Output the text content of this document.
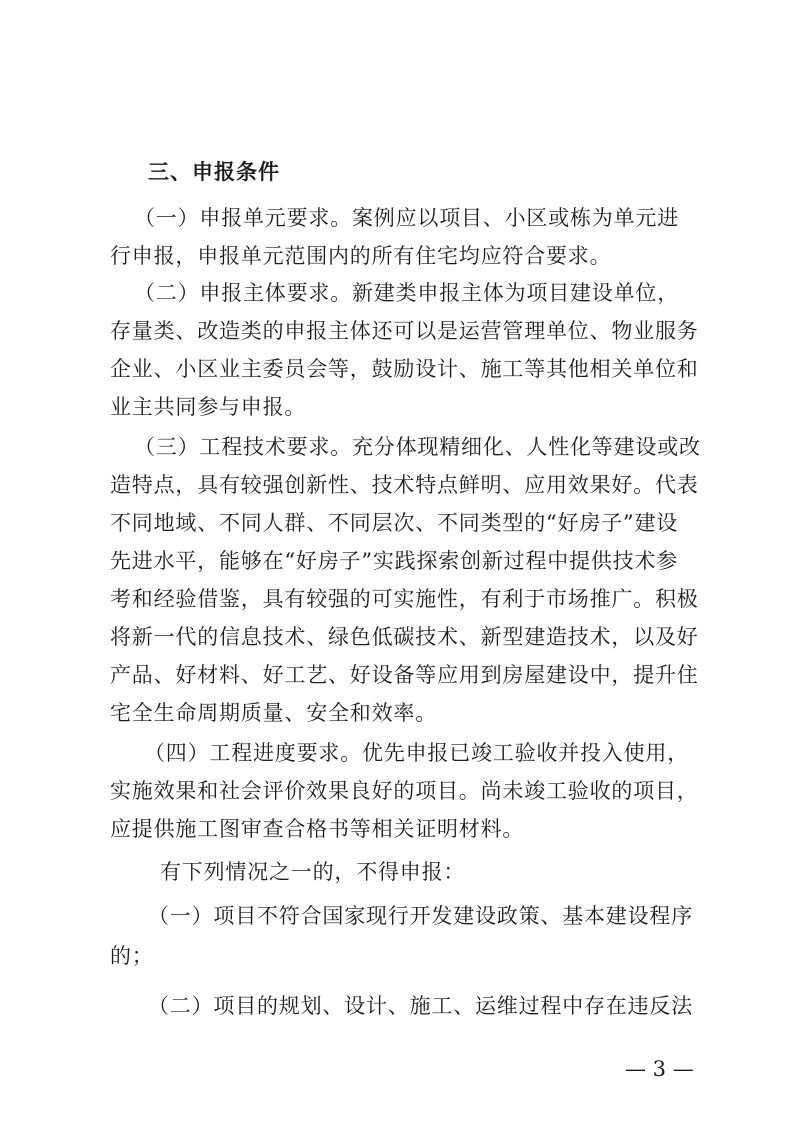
三、申报条件
（一）申报单元要求。案例应以项目、小区或栋为单元进
行申报，申报单元范围内的所有住宅均应符合要求。
（二）申报主体要求。新建类申报主体为项目建设单位，
存量类、改造类的申报主体还可以是运营管理单位、物业服务
企业、小区业主委员会等，鼓励设计、施工等其他相关单位和
业主共同参与申报。
（三）工程技术要求。充分体现精细化、人性化等建设或改
造特点，具有较强创新性、技术特点鲜明、应用效果好。代表
不同地域、不同人群、不同层次、不同类型的“好房子”建设
先进水平，能够在“好房子”实践探索创新过程中提供技术参
考和经验借鉴，具有较强的可实施性，有利于市场推广。积极
将新一代的信息技术、绿色低碳技术、新型建造技术，以及好
产品、好材料、好工艺、好设备等应用到房屋建设中，提升住
宅全生命周期质量、安全和效率。
（四）工程进度要求。优先申报已竣工验收并投入使用，
实施效果和社会评价效果良好的项目。尚未竣工验收的项目，
应提供施工图审查合格书等相关证明材料。
有下列情况之一的，不得申报：
（一）项目不符合国家现行开发建设政策、基本建设程序
的；
（二）项目的规划、设计、施工、运维过程中存在违反法
— 3 —
